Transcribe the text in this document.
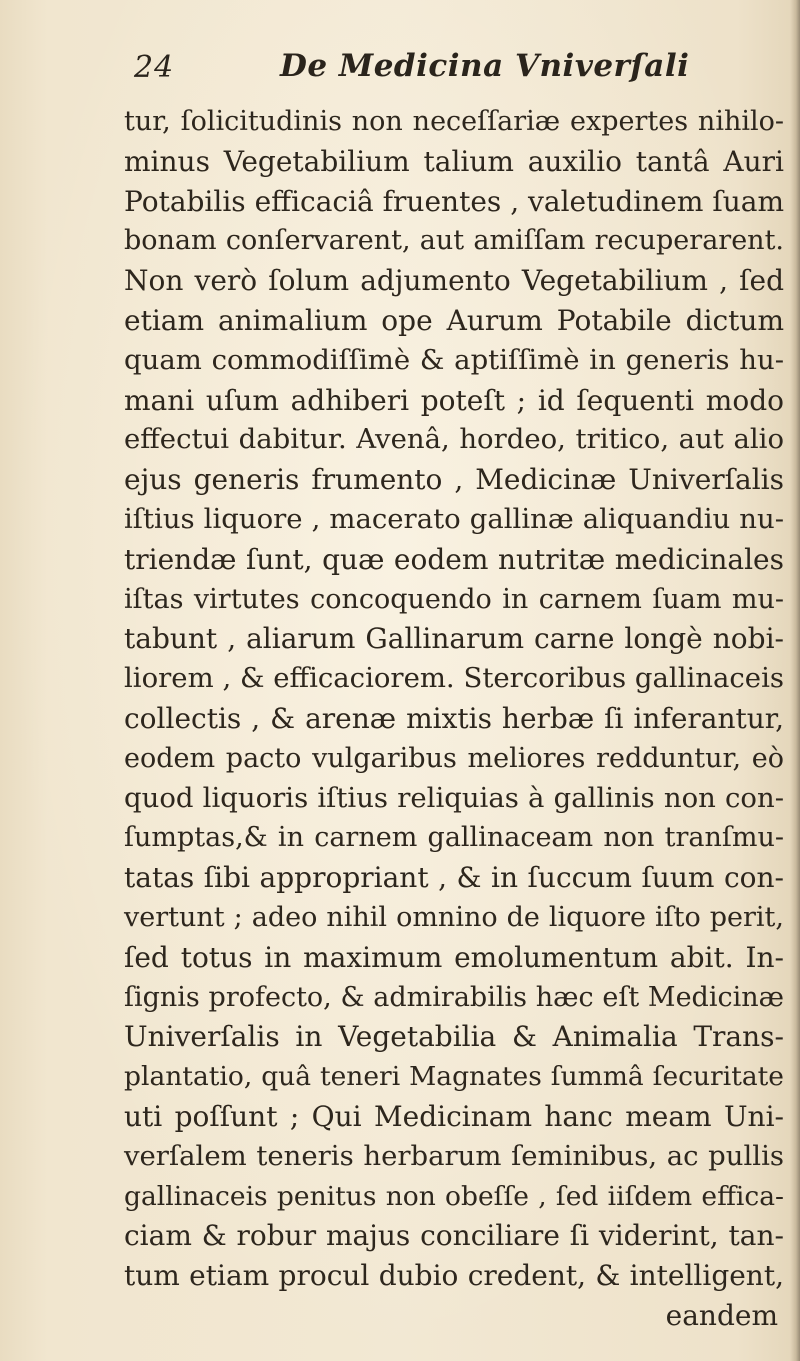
24	De Medicina Vniverſali
tur, ſolicitudinis non neceſſariæ expertes nihilo-
minus Vegetabilium talium auxilio tantâ Auri
Potabilis efficaciâ fruentes , valetudinem ſuam
bonam conſervarent, aut amiſſam recuperarent.
Non verò ſolum adjumento Vegetabilium , ſed
etiam animalium ope Aurum Potabile dictum
quam commodiſſimè & aptiſſimè in generis hu-
mani uſum adhiberi poteſt ; id ſequenti modo
effectui dabitur. Avenâ, hordeo, tritico, aut alio
ejus generis frumento , Medicinæ Univerſalis
iſtius liquore , macerato gallinæ aliquandiu nu-
triendæ ſunt, quæ eodem nutritæ medicinales
iſtas virtutes concoquendo in carnem ſuam mu-
tabunt , aliarum Gallinarum carne longè nobi-
liorem , & efficaciorem. Stercoribus gallinaceis
collectis , & arenæ mixtis herbæ ſi inferantur,
eodem pacto vulgaribus meliores redduntur, eò
quod liquoris iſtius reliquias à gallinis non con-
ſumptas,& in carnem gallinaceam non tranſmu-
tatas ſibi appropriant , & in ſuccum ſuum con-
vertunt ; adeo nihil omnino de liquore iſto perit,
ſed totus in maximum emolumentum abit. In-
ſignis profecto, & admirabilis hæc eſt Medicinæ
Univerſalis in Vegetabilia & Animalia Trans-
plantatio, quâ teneri Magnates ſummâ ſecuritate
uti poſſunt ; Qui Medicinam hanc meam Uni-
verſalem teneris herbarum ſeminibus, ac pullis
gallinaceis penitus non obeſſe , ſed iiſdem effica-
ciam & robur majus conciliare ſi viderint, tan-
tum etiam procul dubio credent, & intelligent,
eandem
